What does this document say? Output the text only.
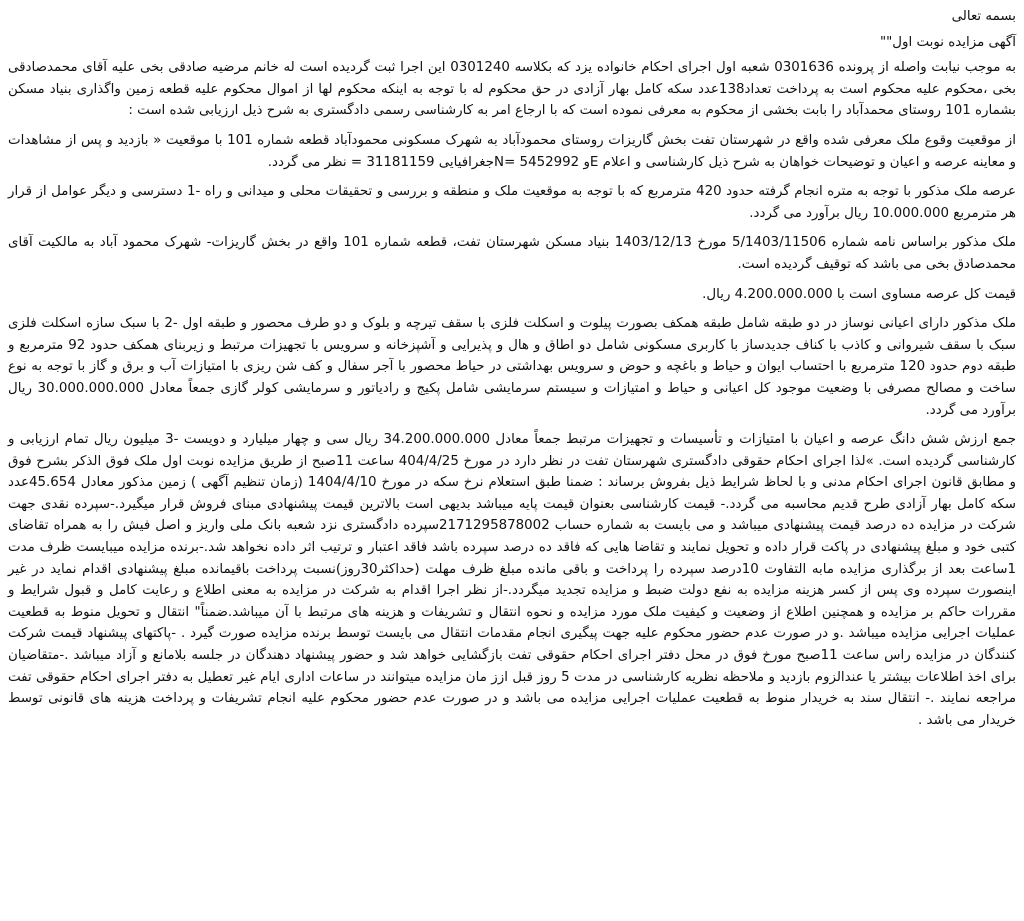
بسمه تعالی

آگهی مزایده نوبت اول""

به موجب نیابت واصله از پرونده 0301636 شعبه اول اجرای احکام خانواده یزد که بکلاسه 0301240 این اجرا ثبت گردیده است له خانم مرضیه صادقی بخی علیه آقای محمدصادقی بخی ،محکوم علیه محکوم است به پرداخت تعداد138عدد سکه کامل بهار آزادی در حق محکوم له با توجه به اینکه محکوم لها از اموال محکوم علیه قطعه زمین واگذاری بنیاد مسکن بشماره 101 روستای محمدآباد را بابت بخشی از محکوم به معرفی نموده است که با ارجاع امر به کارشناسی رسمی دادگستری به شرح ذیل ارزیابی شده است :

از موقعیت وقوع ملک معرفی شده واقع در شهرستان تفت بخش گاریزات روستای محمودآباد به شهرک مسکونی محمودآباد قطعه شماره 101 با موقعیت « بازدید و پس از مشاهدات و معاینه عرصه و اعیان و توضیحات خواهان به شرح ذیل کارشناسی و اعلام Eو 5452992 =Nجغرافیایی 31181159 = نظر می گردد.

عرصه ملک مذکور با توجه به متره انجام گرفته حدود 420 مترمربع که با توجه به موقعیت ملک و منطقه و بررسی و تحقیقات محلی و میدانی و راه -1 دسترسی و دیگر عوامل از قرار هر مترمربع 10.000.000 ریال برآورد می گردد.

ملک مذکور براساس نامه شماره 5/1403/11506 مورخ 1403/12/13 بنیاد مسکن شهرستان تفت، قطعه شماره 101 واقع در بخش گاریزات- شهرک محمود آباد به مالکیت آقای محمدصادق بخی می باشد که توقیف گردیده است.

قیمت کل عرصه مساوی است با 4.200.000.000 ریال.

ملک مذکور دارای اعیانی نوساز در دو طبقه شامل طبقه همکف بصورت پیلوت و اسکلت فلزی با سقف تیرچه و بلوک و دو طرف محصور و طبقه اول -2 با سبک سازه اسکلت فلزی سبک با سقف شیروانی و کاذب با کناف جدیدساز با کاربری مسکونی شامل دو اطاق و هال و پذیرایی و آشپزخانه و سرویس با تجهیزات مرتبط و زیربنای همکف حدود 92 مترمربع و طبقه دوم حدود 120 مترمربع با احتساب ایوان و حیاط و باغچه و حوض و سرویس بهداشتی در حیاط محصور با آجر سفال و کف شن ریزی با امتیازات آب و برق و گاز با توجه به نوع ساخت و مصالح مصرفی با وضعیت موجود کل اعیانی و حیاط و امتیازات و سیستم سرمایشی شامل پکیج و رادیاتور و سرمایشی کولر گازی جمعاً معادل 30.000.000.000 ریال برآورد می گردد.

جمع ارزش شش دانگ عرصه و اعیان با امتیازات و تأسیسات و تجهیزات مرتبط جمعاً معادل 34.200.000.000 ریال سی و چهار میلیارد و دویست -3 میلیون ریال تمام ارزیابی و کارشناسی گردیده است. »لذا اجرای احکام حقوقی دادگستری شهرستان تفت در نظر دارد در مورخ 404/4/25 ساعت 11صبح از طریق مزایده نوبت اول ملک فوق الذکر بشرح فوق و مطابق قانون اجرای احکام مدنی و با لحاظ شرایط ذیل بفروش برساند : ضمنا طبق استعلام نرخ سکه در مورخ 1404/4/10 (زمان تنظیم آگهی ) زمین مذکور معادل 45.654عدد سکه کامل بهار آزادی طرح قدیم محاسبه می گردد.- قیمت کارشناسی بعنوان قیمت پایه میباشد بدیهی است بالاترین قیمت پیشنهادی مبنای فروش قرار میگیرد.-سپرده نقدی جهت شرکت در مزایده ده درصد قیمت پیشنهادی میباشد و می بایست به شماره حساب 2171295878002سپرده دادگستری نزد شعبه بانک ملی واریز و اصل فیش را به همراه تقاضای کتبی خود و مبلغ پیشنهادی در پاکت قرار داده و تحویل نمایند و تقاضا هایی که فاقد ده درصد سپرده باشد فاقد اعتبار و ترتیب اثر داده نخواهد شد.-برنده مزایده میبایست ظرف مدت 1ساعت بعد از برگذاری مزایده مابه التفاوت 10درصد سپرده را پرداخت و باقی مانده مبلغ ظرف مهلت (حداکثر30روز)نسبت پرداخت باقیمانده مبلغ پیشنهادی اقدام نماید در غیر اینصورت سپرده وی پس از کسر هزینه مزایده به نفع دولت ضبط و مزایده تجدید میگردد.-از نظر اجرا اقدام به شرکت در مزایده به معنی اطلاع و رعایت کامل و قبول شرایط و مقررات حاکم بر مزایده و همچنین اطلاع از وضعیت و کیفیت ملک مورد مزایده و نحوه انتقال و تشریفات و هزینه های مرتبط با آن میباشد.ضمناً" انتقال و تحویل منوط به قطعیت عملیات اجرایی مزایده میباشد .و در صورت عدم حضور محکوم علیه جهت پیگیری انجام مقدمات انتقال می بایست توسط برنده مزایده صورت گیرد . -پاکتهای پیشنهاد قیمت شرکت کنندگان در مزایده راس ساعت 11صبح مورخ فوق در محل دفتر اجرای احکام حقوقی تفت بازگشایی خواهد شد و حضور پیشنهاد دهندگان در جلسه بلامانع و آزاد میباشد .-متقاضیان برای اخذ اطلاعات بیشتر یا عندالزوم بازدید و ملاحظه نظریه کارشناسی در مدت 5 روز قبل ازز مان مزایده میتوانند در ساعات اداری ایام غیر تعطیل به دفتر اجرای احکام حقوقی تفت مراجعه نمایند .- انتقال سند به خریدار منوط به قطعیت عملیات اجرایی مزایده می باشد و در صورت عدم حضور محکوم علیه انجام تشریفات و پرداخت هزینه های قانونی توسط خریدار می باشد .
